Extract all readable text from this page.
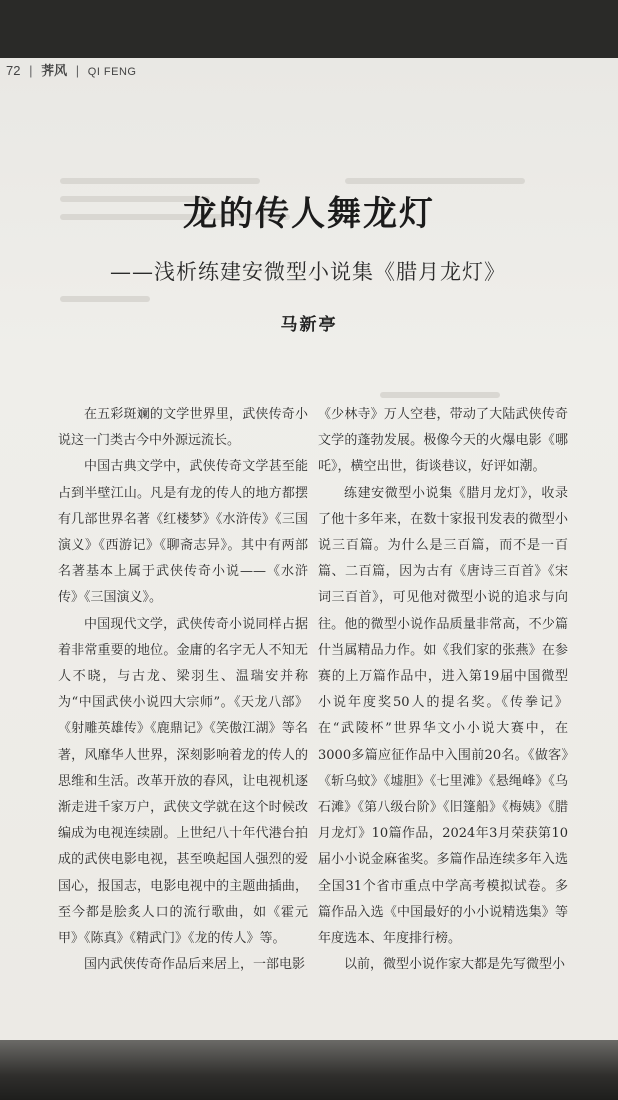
72 | 荠风 | QI FENG
龙的传人舞龙灯
——浅析练建安微型小说集《腊月龙灯》
马新亭

在五彩斑斓的文学世界里，武侠传奇小说这一门类古今中外源远流长。

中国古典文学中，武侠传奇文学甚至能占到半壁江山。凡是有龙的传人的地方都摆有几部世界名著《红楼梦》《水浒传》《三国演义》《西游记》《聊斋志异》。其中有两部名著基本上属于武侠传奇小说——《水浒传》《三国演义》。

中国现代文学，武侠传奇小说同样占据着非常重要的地位。金庸的名字无人不知无人不晓，与古龙、梁羽生、温瑞安并称为“中国武侠小说四大宗师”。《天龙八部》《射雕英雄传》《鹿鼎记》《笑傲江湖》等名著，风靡华人世界，深刻影响着龙的传人的思维和生活。改革开放的春风，让电视机逐渐走进千家万户，武侠文学就在这个时候改编成为电视连续剧。上世纪八十年代港台拍成的武侠电影电视，甚至唤起国人强烈的爱国心，报国志，电影电视中的主题曲插曲，至今都是脍炙人口的流行歌曲，如《霍元甲》《陈真》《精武门》《龙的传人》等。

国内武侠传奇作品后来居上，一部电影

《少林寺》万人空巷，带动了大陆武侠传奇文学的蓬勃发展。极像今天的火爆电影《哪吒》，横空出世，街谈巷议，好评如潮。

练建安微型小说集《腊月龙灯》，收录了他十多年来，在数十家报刊发表的微型小说三百篇。为什么是三百篇，而不是一百篇、二百篇，因为古有《唐诗三百首》《宋词三百首》，可见他对微型小说的追求与向往。他的微型小说作品质量非常高，不少篇什当属精品力作。如《我们家的张燕》在参赛的上万篇作品中，进入第19届中国微型小说年度奖50人的提名奖。《传拳记》在“武陵杯”世界华文小小说大赛中，在3000多篇应征作品中入围前20名。《做客》《斩乌蚊》《墟胆》《七里滩》《悬绳峰》《乌石滩》《第八级台阶》《旧篷船》《梅姨》《腊月龙灯》10篇作品，2024年3月荣获第10届小小说金麻雀奖。多篇作品连续多年入选全国31个省市重点中学高考模拟试卷。多篇作品入选《中国最好的小小说精选集》等年度选本、年度排行榜。

以前，微型小说作家大都是先写微型小
